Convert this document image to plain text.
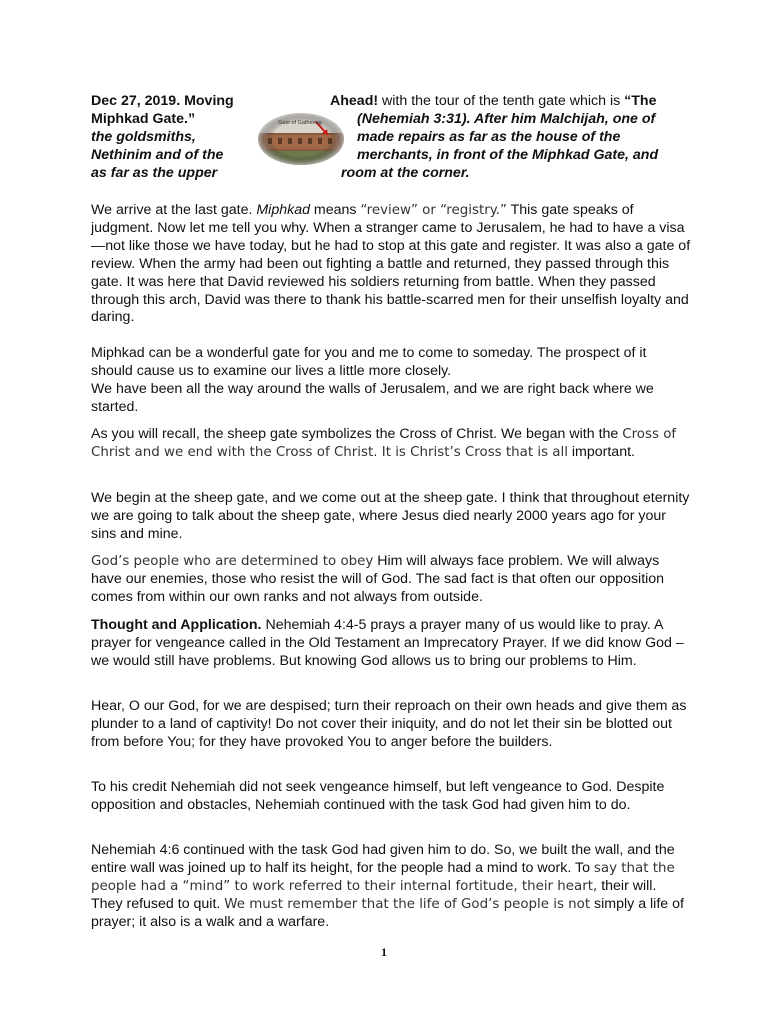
Dec 27, 2019. Moving	Ahead! with the tour of the tenth gate which is “The
Miphkad Gate.”	(Nehemiah 3:31). After him Malchijah, one of
the goldsmiths,	made repairs as far as the house of the
Nethinim and of the	merchants, in front of the Miphkad Gate, and
as far as the upper	room at the corner.
Gate of Gathering

We arrive at the last gate. Miphkad means “review” or “registry.” This gate speaks of judgment. Now let me tell you why. When a stranger came to Jerusalem, he had to have a visa—not like those we have today, but he had to stop at this gate and register. It was also a gate of review. When the army had been out fighting a battle and returned, they passed through this gate. It was here that David reviewed his soldiers returning from battle. When they passed through this arch, David was there to thank his battle-scarred men for their unselfish loyalty and daring.

Miphkad can be a wonderful gate for you and me to come to someday. The prospect of it should cause us to examine our lives a little more closely.
We have been all the way around the walls of Jerusalem, and we are right back where we started.

As you will recall, the sheep gate symbolizes the Cross of Christ. We began with the Cross of Christ and we end with the Cross of Christ. It is Christ’s Cross that is all important.

We begin at the sheep gate, and we come out at the sheep gate. I think that throughout eternity we are going to talk about the sheep gate, where Jesus died nearly 2000 years ago for your sins and mine.

God’s people who are determined to obey Him will always face problem. We will always have our enemies, those who resist the will of God. The sad fact is that often our opposition comes from within our own ranks and not always from outside.

Thought and Application. Nehemiah 4:4-5 prays a prayer many of us would like to pray. A prayer for vengeance called in the Old Testament an Imprecatory Prayer. If we did know God – we would still have problems. But knowing God allows us to bring our problems to Him.

Hear, O our God, for we are despised; turn their reproach on their own heads and give them as plunder to a land of captivity! Do not cover their iniquity, and do not let their sin be blotted out from before You; for they have provoked You to anger before the builders.

To his credit Nehemiah did not seek vengeance himself, but left vengeance to God. Despite opposition and obstacles, Nehemiah continued with the task God had given him to do.

Nehemiah 4:6 continued with the task God had given him to do. So, we built the wall, and the entire wall was joined up to half its height, for the people had a mind to work. To say that the people had a “mind” to work referred to their internal fortitude, their heart, their will. They refused to quit. We must remember that the life of God’s people is not simply a life of prayer; it also is a walk and a warfare.

1
